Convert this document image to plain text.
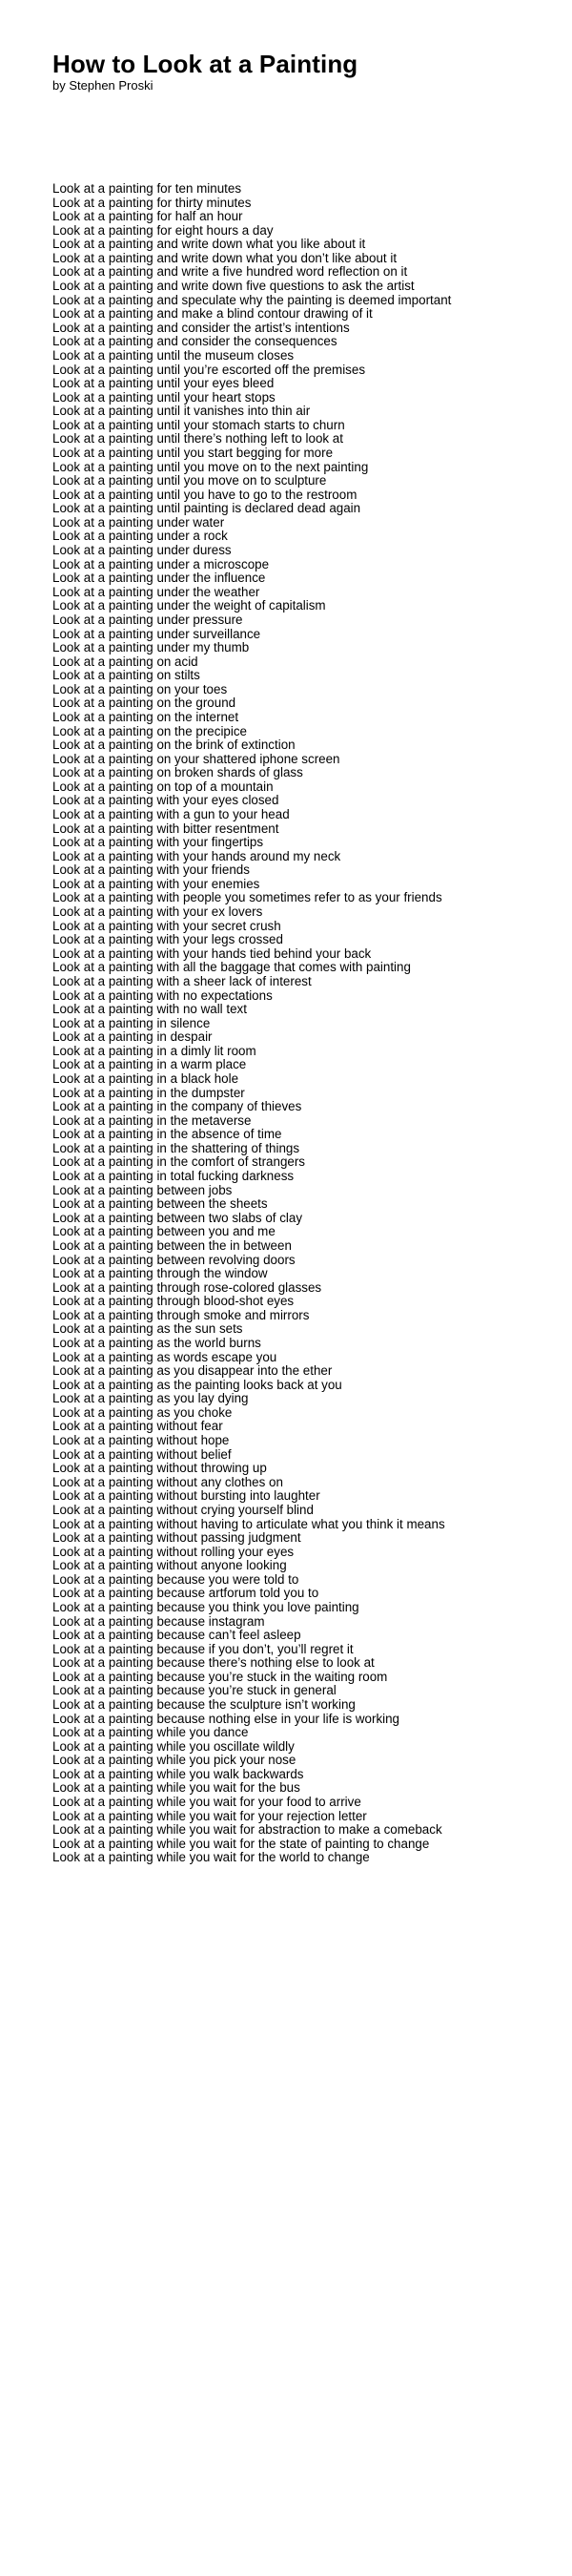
How to Look at a Painting

by Stephen Proski

Look at a painting for ten minutes
Look at a painting for thirty minutes
Look at a painting for half an hour
Look at a painting for eight hours a day
Look at a painting and write down what you like about it
Look at a painting and write down what you don’t like about it
Look at a painting and write a five hundred word reflection on it
Look at a painting and write down five questions to ask the artist
Look at a painting and speculate why the painting is deemed important
Look at a painting and make a blind contour drawing of it
Look at a painting and consider the artist’s intentions
Look at a painting and consider the consequences
Look at a painting until the museum closes
Look at a painting until you’re escorted off the premises
Look at a painting until your eyes bleed
Look at a painting until your heart stops
Look at a painting until it vanishes into thin air
Look at a painting until your stomach starts to churn
Look at a painting until there’s nothing left to look at
Look at a painting until you start begging for more
Look at a painting until you move on to the next painting
Look at a painting until you move on to sculpture
Look at a painting until you have to go to the restroom
Look at a painting until painting is declared dead again
Look at a painting under water
Look at a painting under a rock
Look at a painting under duress
Look at a painting under a microscope
Look at a painting under the influence
Look at a painting under the weather
Look at a painting under the weight of capitalism
Look at a painting under pressure
Look at a painting under surveillance
Look at a painting under my thumb
Look at a painting on acid
Look at a painting on stilts
Look at a painting on your toes
Look at a painting on the ground
Look at a painting on the internet
Look at a painting on the precipice
Look at a painting on the brink of extinction
Look at a painting on your shattered iphone screen
Look at a painting on broken shards of glass
Look at a painting on top of a mountain
Look at a painting with your eyes closed
Look at a painting with a gun to your head
Look at a painting with bitter resentment
Look at a painting with your fingertips
Look at a painting with your hands around my neck
Look at a painting with your friends
Look at a painting with your enemies
Look at a painting with people you sometimes refer to as your friends
Look at a painting with your ex lovers
Look at a painting with your secret crush
Look at a painting with your legs crossed
Look at a painting with your hands tied behind your back
Look at a painting with all the baggage that comes with painting
Look at a painting with a sheer lack of interest
Look at a painting with no expectations
Look at a painting with no wall text
Look at a painting in silence
Look at a painting in despair
Look at a painting in a dimly lit room
Look at a painting in a warm place
Look at a painting in a black hole
Look at a painting in the dumpster
Look at a painting in the company of thieves
Look at a painting in the metaverse
Look at a painting in the absence of time
Look at a painting in the shattering of things
Look at a painting in the comfort of strangers
Look at a painting in total fucking darkness
Look at a painting between jobs
Look at a painting between the sheets
Look at a painting between two slabs of clay
Look at a painting between you and me
Look at a painting between the in between
Look at a painting between revolving doors
Look at a painting through the window
Look at a painting through rose-colored glasses
Look at a painting through blood-shot eyes
Look at a painting through smoke and mirrors
Look at a painting as the sun sets
Look at a painting as the world burns
Look at a painting as words escape you
Look at a painting as you disappear into the ether
Look at a painting as the painting looks back at you
Look at a painting as you lay dying
Look at a painting as you choke
Look at a painting without fear
Look at a painting without hope
Look at a painting without belief
Look at a painting without throwing up
Look at a painting without any clothes on
Look at a painting without bursting into laughter
Look at a painting without crying yourself blind
Look at a painting without having to articulate what you think it means
Look at a painting without passing judgment
Look at a painting without rolling your eyes
Look at a painting without anyone looking
Look at a painting because you were told to
Look at a painting because artforum told you to
Look at a painting because you think you love painting
Look at a painting because instagram
Look at a painting because can’t feel asleep
Look at a painting because if you don’t, you’ll regret it
Look at a painting because there’s nothing else to look at
Look at a painting because you’re stuck in the waiting room
Look at a painting because you’re stuck in general
Look at a painting because the sculpture isn’t working
Look at a painting because nothing else in your life is working
Look at a painting while you dance
Look at a painting while you oscillate wildly
Look at a painting while you pick your nose
Look at a painting while you walk backwards
Look at a painting while you wait for the bus
Look at a painting while you wait for your food to arrive
Look at a painting while you wait for your rejection letter
Look at a painting while you wait for abstraction to make a comeback
Look at a painting while you wait for the state of painting to change
Look at a painting while you wait for the world to change
